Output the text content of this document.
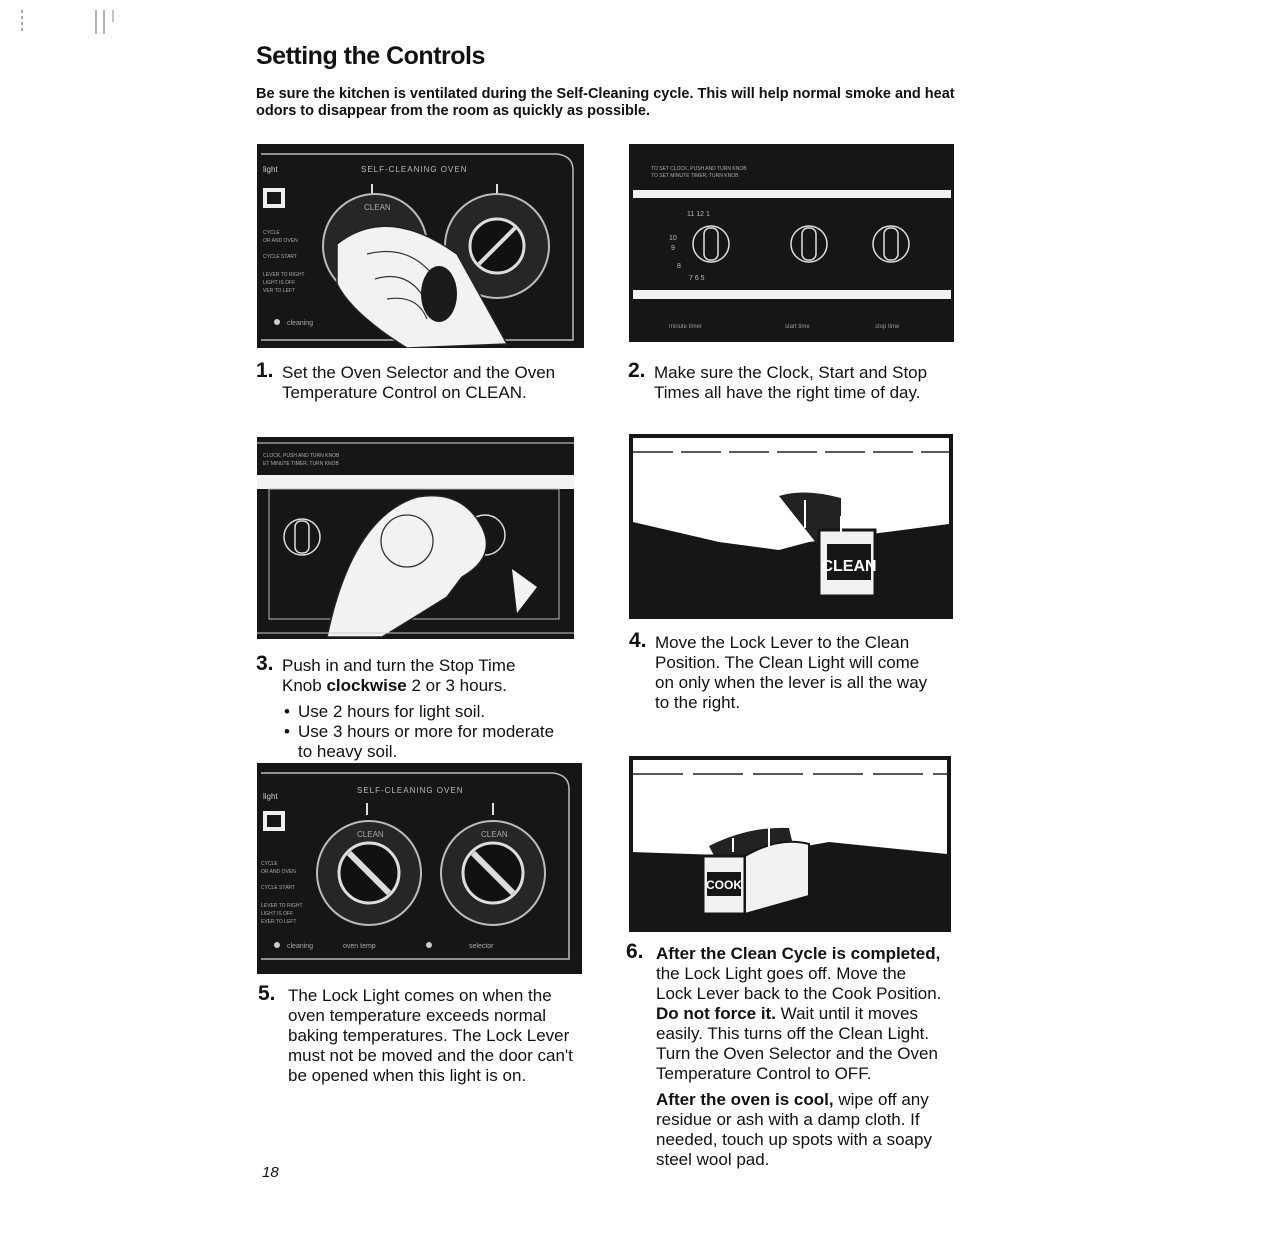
Setting the Controls
Be sure the kitchen is ventilated during the Self-Cleaning cycle. This will help normal smoke and heat odors to disappear from the room as quickly as possible.
light	SELF-CLEANING OVEN
CYCLE
OR AND OVEN
CYCLE START
LEVER TO RIGHT
LIGHT IS OFF
VER TO LEFT
CLEAN
cleaning
TO SET CLOCK, PUSH AND TURN KNOB
TO SET MINUTE TIMER, TURN KNOB
11 12 1
10
9
8
7 6 5
minute timer	start time	stop time
1. Set the Oven Selector and the Oven Temperature Control on CLEAN.
2. Make sure the Clock, Start and Stop Times all have the right time of day.
CLOCK, PUSH AND TURN KNOB
ET MINUTE TIMER, TURN KNOB
CLEAN
3. Push in and turn the Stop Time Knob clockwise 2 or 3 hours.
• Use 2 hours for light soil.
• Use 3 hours or more for moderate to heavy soil.
4. Move the Lock Lever to the Clean Position. The Clean Light will come on only when the lever is all the way to the right.
light
SELF-CLEANING OVEN
CYCLE
OR AND OVEN
CYCLE START
LEVER TO RIGHT
LIGHT IS OFF
EVER TO LEFT
CLEAN	CLEAN
cleaning	oven temp	selector
COOK
5. The Lock Light comes on when the oven temperature exceeds normal baking temperatures. The Lock Lever must not be moved and the door can't be opened when this light is on.
6. After the Clean Cycle is completed, the Lock Light goes off. Move the Lock Lever back to the Cook Position. Do not force it. Wait until it moves easily. This turns off the Clean Light. Turn the Oven Selector and the Oven Temperature Control to OFF.
After the oven is cool, wipe off any residue or ash with a damp cloth. If needed, touch up spots with a soapy steel wool pad.
18
